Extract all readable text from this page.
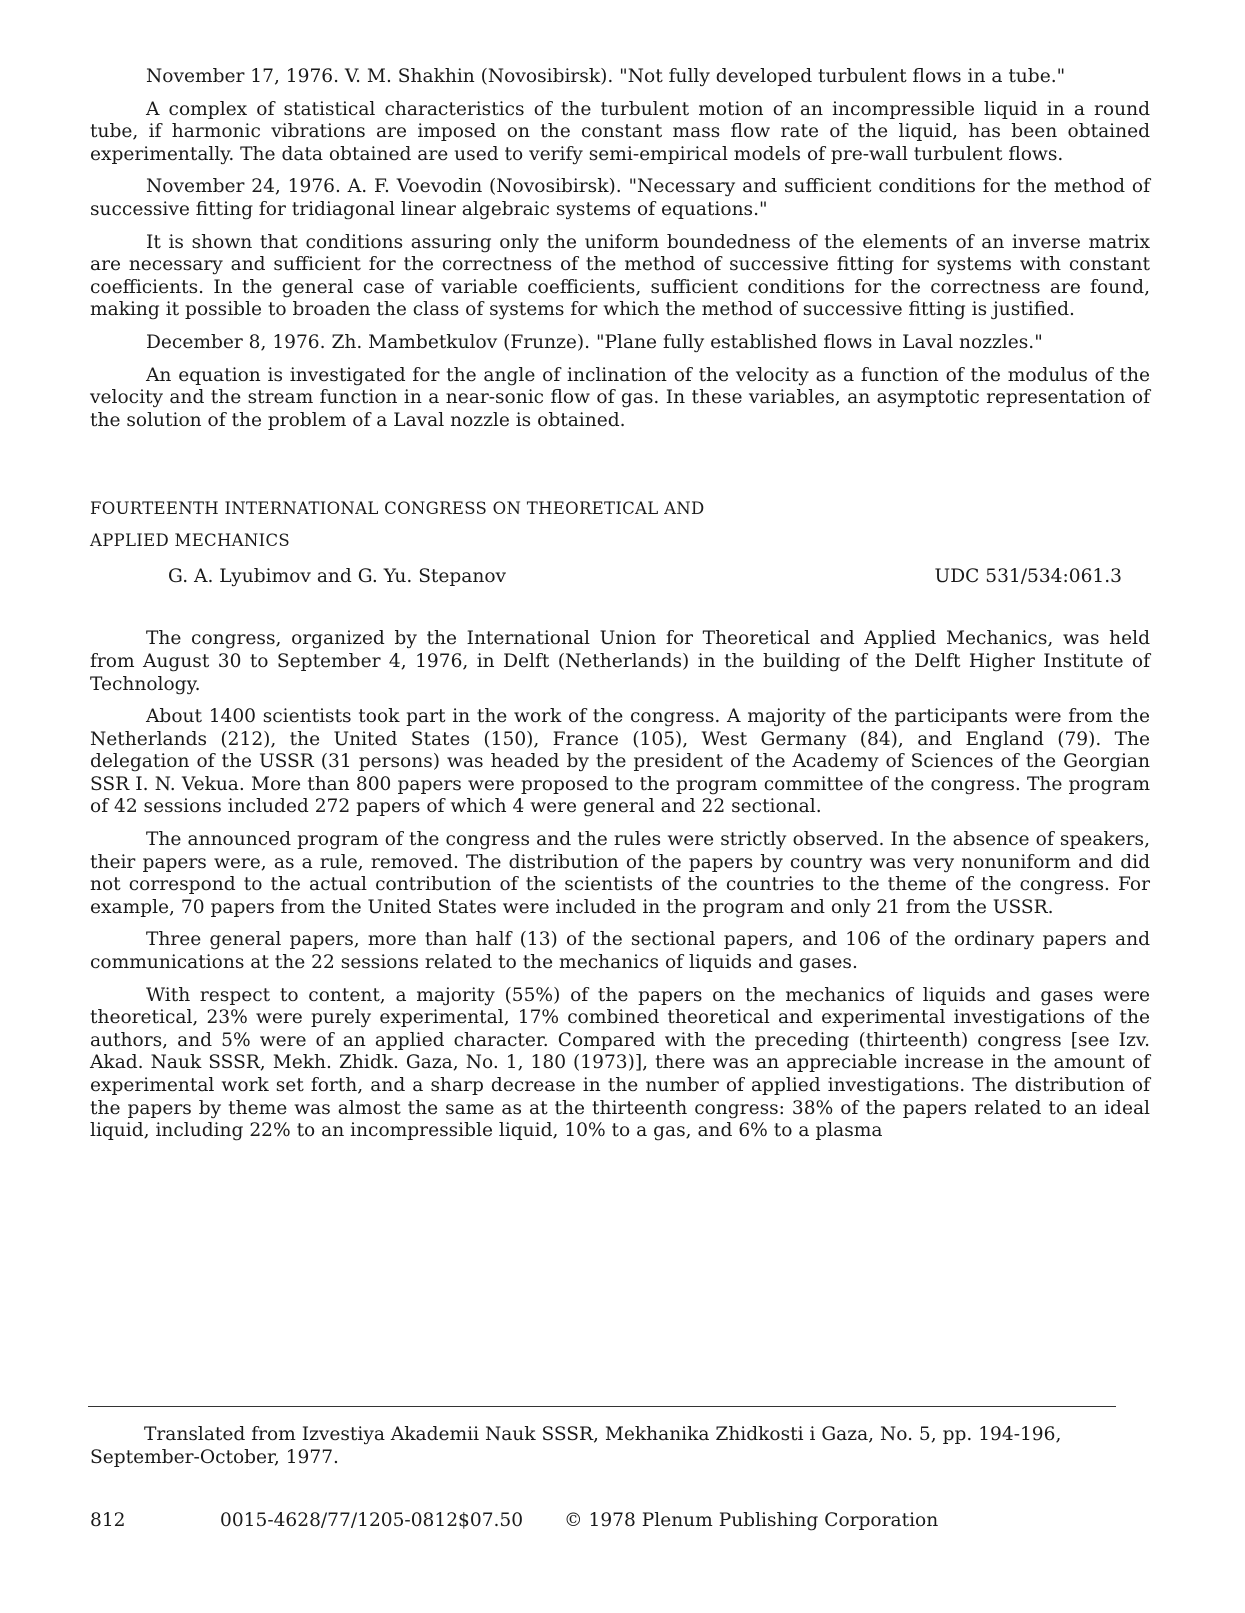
November 17, 1976. V. M. Shakhin (Novosibirsk). "Not fully developed turbulent flows in a tube."

A complex of statistical characteristics of the turbulent motion of an incompressible liquid in a round tube, if harmonic vibrations are imposed on the constant mass flow rate of the liquid, has been obtained experimentally. The data obtained are used to verify semi-empirical models of pre-wall turbulent flows.

November 24, 1976. A. F. Voevodin (Novosibirsk). "Necessary and sufficient conditions for the method of successive fitting for tridiagonal linear algebraic systems of equations."

It is shown that conditions assuring only the uniform boundedness of the elements of an inverse matrix are necessary and sufficient for the correctness of the method of successive fitting for systems with constant coefficients. In the general case of variable coefficients, sufficient conditions for the correctness are found, making it possible to broaden the class of systems for which the method of successive fitting is justified.

December 8, 1976. Zh. Mambetkulov (Frunze). "Plane fully established flows in Laval nozzles."

An equation is investigated for the angle of inclination of the velocity as a function of the modulus of the velocity and the stream function in a near-sonic flow of gas. In these variables, an asymptotic representation of the solution of the problem of a Laval nozzle is obtained.

FOURTEENTH INTERNATIONAL CONGRESS ON THEORETICAL AND
APPLIED MECHANICS
G. A. Lyubimov and G. Yu. Stepanov	UDC 531/534:061.3

The congress, organized by the International Union for Theoretical and Applied Mechanics, was held from August 30 to September 4, 1976, in Delft (Netherlands) in the building of the Delft Higher Institute of Technology.

About 1400 scientists took part in the work of the congress. A majority of the participants were from the Netherlands (212), the United States (150), France (105), West Germany (84), and England (79). The delegation of the USSR (31 persons) was headed by the president of the Academy of Sciences of the Georgian SSR I. N. Vekua. More than 800 papers were proposed to the program committee of the congress. The program of 42 sessions included 272 papers of which 4 were general and 22 sectional.

The announced program of the congress and the rules were strictly observed. In the absence of speakers, their papers were, as a rule, removed. The distribution of the papers by country was very nonuniform and did not correspond to the actual contribution of the scientists of the countries to the theme of the congress. For example, 70 papers from the United States were included in the program and only 21 from the USSR.

Three general papers, more than half (13) of the sectional papers, and 106 of the ordinary papers and communications at the 22 sessions related to the mechanics of liquids and gases.

With respect to content, a majority (55%) of the papers on the mechanics of liquids and gases were theoretical, 23% were purely experimental, 17% combined theoretical and experimental investigations of the authors, and 5% were of an applied character. Compared with the preceding (thirteenth) congress [see Izv. Akad. Nauk SSSR, Mekh. Zhidk. Gaza, No. 1, 180 (1973)], there was an appreciable increase in the amount of experimental work set forth, and a sharp decrease in the number of applied investigations. The distribution of the papers by theme was almost the same as at the thirteenth congress: 38% of the papers related to an ideal liquid, including 22% to an incompressible liquid, 10% to a gas, and 6% to a plasma

Translated from Izvestiya Akademii Nauk SSSR, Mekhanika Zhidkosti i Gaza, No. 5, pp. 194-196, September-October, 1977.

812	0015-4628/77/1205-0812$07.50 © 1978 Plenum Publishing Corporation
